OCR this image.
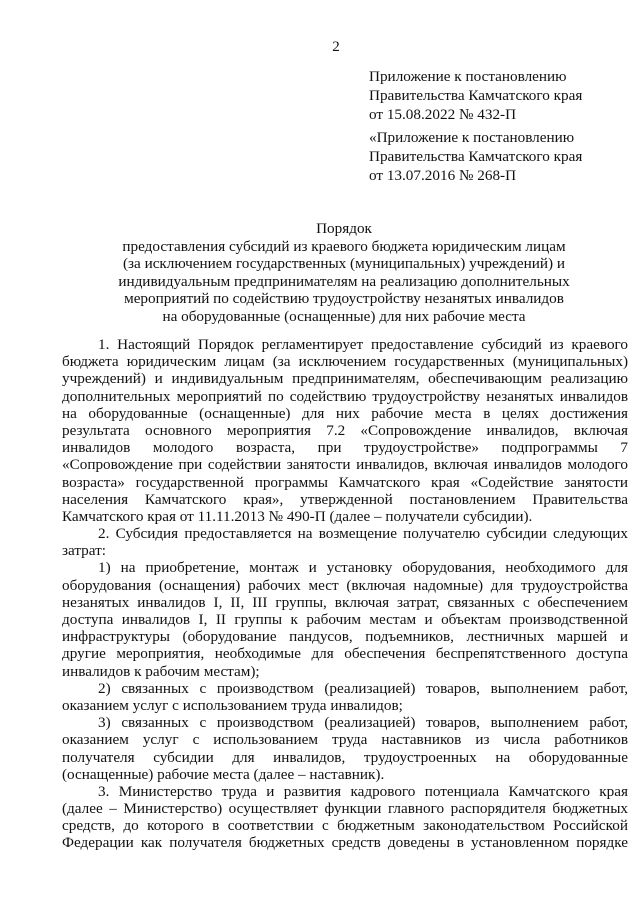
2
Приложение к постановлению
Правительства Камчатского края
от 15.08.2022 № 432-П
«Приложение к постановлению
Правительства Камчатского края
от 13.07.2016 № 268-П
Порядок
предоставления субсидий из краевого бюджета юридическим лицам
(за исключением государственных (муниципальных) учреждений) и
индивидуальным предпринимателям на реализацию дополнительных
мероприятий по содействию трудоустройству незанятых инвалидов
на оборудованные (оснащенные) для них рабочие места
1. Настоящий Порядок регламентирует предоставление субсидий из краевого
бюджета юридическим лицам (за исключением государственных (муниципальных)
учреждений) и индивидуальным предпринимателям, обеспечивающим реализацию
дополнительных мероприятий по содействию трудоустройству незанятых инвалидов
на оборудованные (оснащенные) для них рабочие места в целях достижения
результата основного мероприятия 7.2 «Сопровождение инвалидов, включая
инвалидов молодого возраста, при трудоустройстве» подпрограммы 7
«Сопровождение при содействии занятости инвалидов, включая инвалидов молодого
возраста» государственной программы Камчатского края «Содействие занятости
населения Камчатского края», утвержденной постановлением Правительства
Камчатского края от 11.11.2013 № 490-П (далее – получатели субсидии).
2. Субсидия предоставляется на возмещение получателю субсидии следующих
затрат:
1) на приобретение, монтаж и установку оборудования, необходимого для
оборудования (оснащения) рабочих мест (включая надомные) для трудоустройства
незанятых инвалидов I, II, III группы, включая затрат, связанных с обеспечением
доступа инвалидов I, II группы к рабочим местам и объектам производственной
инфраструктуры (оборудование пандусов, подъемников, лестничных маршей и
другие мероприятия, необходимые для обеспечения беспрепятственного доступа
инвалидов к рабочим местам);
2) связанных с производством (реализацией) товаров, выполнением работ,
оказанием услуг с использованием труда инвалидов;
3) связанных с производством (реализацией) товаров, выполнением работ,
оказанием услуг с использованием труда наставников из числа работников
получателя субсидии для инвалидов, трудоустроенных на оборудованные
(оснащенные) рабочие места (далее – наставник).
3. Министерство труда и развития кадрового потенциала Камчатского края
(далее – Министерство) осуществляет функции главного распорядителя бюджетных
средств, до которого в соответствии с бюджетным законодательством Российской
Федерации как получателя бюджетных средств доведены в установленном порядке
